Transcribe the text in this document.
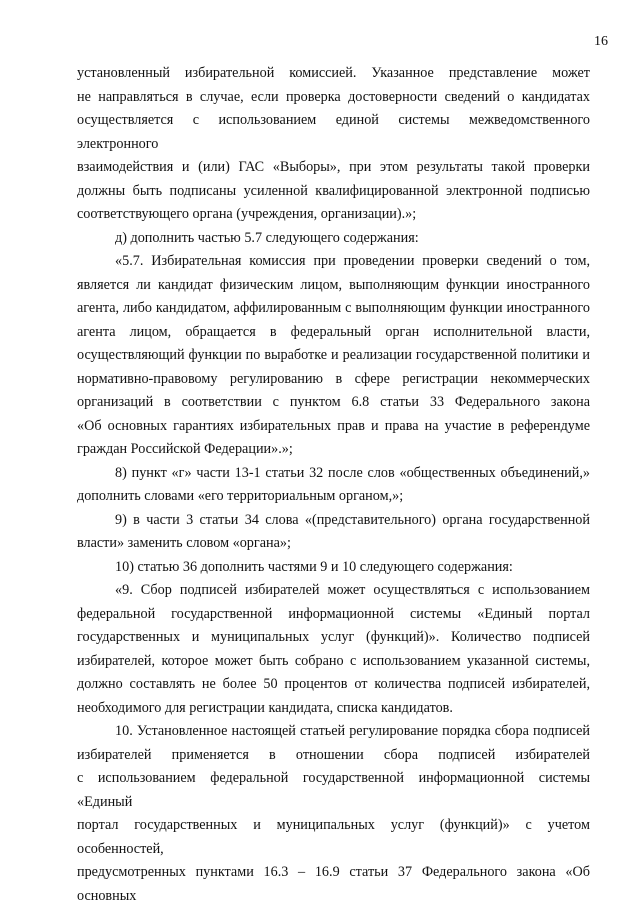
16
установленный избирательной комиссией. Указанное представление может
не направляться в случае, если проверка достоверности сведений о кандидатах
осуществляется с использованием единой системы межведомственного электронного
взаимодействия и (или) ГАС «Выборы», при этом результаты такой проверки
должны быть подписаны усиленной квалифицированной электронной подписью
соответствующего органа (учреждения, организации).»;
д) дополнить частью 5.7 следующего содержания:
«5.7. Избирательная комиссия при проведении проверки сведений о том,
является ли кандидат физическим лицом, выполняющим функции иностранного
агента, либо кандидатом, аффилированным с выполняющим функции иностранного
агента лицом, обращается в федеральный орган исполнительной власти,
осуществляющий функции по выработке и реализации государственной политики и
нормативно-правовому регулированию в сфере регистрации некоммерческих
организаций в соответствии с пунктом 6.8 статьи 33 Федерального закона
«Об основных гарантиях избирательных прав и права на участие в референдуме
граждан Российской Федерации».»;
8) пункт «г» части 13-1 статьи 32 после слов «общественных объединений,»
дополнить словами «его территориальным органом,»;
9) в части 3 статьи 34 слова «(представительного) органа государственной
власти» заменить словом «органа»;
10) статью 36 дополнить частями 9 и 10 следующего содержания:
«9. Сбор подписей избирателей может осуществляться с использованием
федеральной государственной информационной системы «Единый портал
государственных и муниципальных услуг (функций)». Количество подписей
избирателей, которое может быть собрано с использованием указанной системы,
должно составлять не более 50 процентов от количества подписей избирателей,
необходимого для регистрации кандидата, списка кандидатов.
10. Установленное настоящей статьей регулирование порядка сбора подписей
избирателей применяется в отношении сбора подписей избирателей
с использованием федеральной государственной информационной системы «Единый
портал государственных и муниципальных услуг (функций)» с учетом особенностей,
предусмотренных пунктами 16.3 – 16.9 статьи 37 Федерального закона «Об основных
